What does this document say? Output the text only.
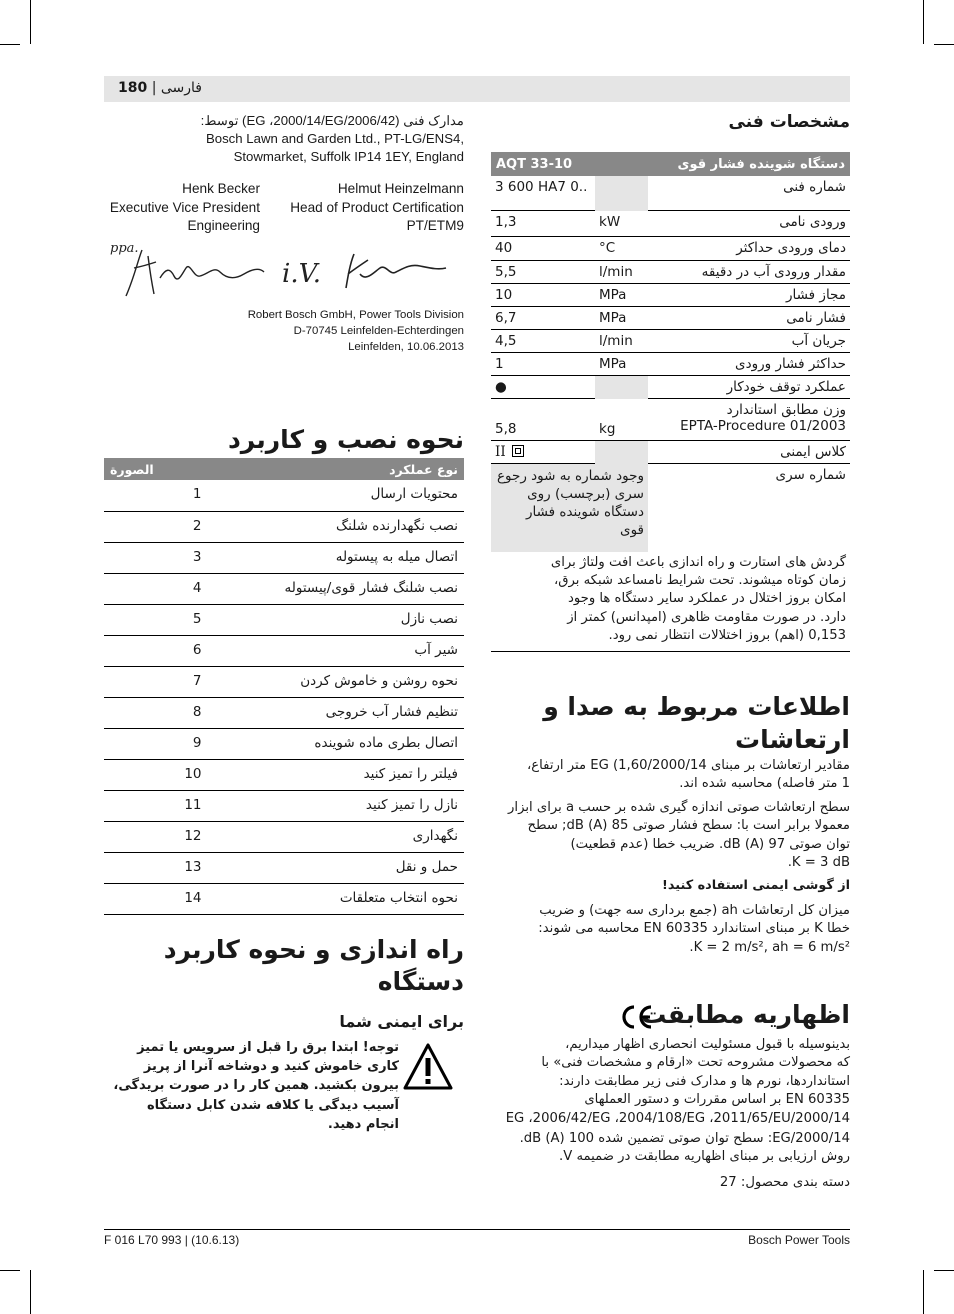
180 | فارسی
مدارک فنی (2006/42/EG ،2000/14/EG) توسط:
Bosch Lawn and Garden Ltd., PT-LG/ENS4,
Stowmarket, Suffolk IP14 1EY, England
Henk Becker
Executive Vice President
Engineering
Helmut Heinzelmann
Head of Product Certification
PT/ETM9
ppa.
i.V.
Robert Bosch GmbH, Power Tools Division
D-70745 Leinfelden-Echterdingen
Leinfelden, 10.06.2013
نحوه نصب و کاربرد
نوع عملکرد	الصورة
محتویات ارسال	1
نصب نگهدارنده شلنگ	2
اتصال میله به پیستوله	3
نصب شلنگ فشار قوی/پیستوله	4
نصب نازل	5
شیر آب	6
نحوه روشن و خاموش کردن	7
تنظیم فشار آب خروجی	8
اتصال بطری ماده شوینده	9
فیلتر را تمیز کنید	10
نازل را تمیز کنید	11
نگهداری	12
حمل و نقل	13
نحوه انتخاب متعلقات	14
راه اندازی و نحوه کاربرد
دستگاه
برای ایمنی شما
توجه! ابتدا برق را قبل از سرویس یا تمیز
کاری خاموش کنید و دوشاخه آنرا از پریز
بیرون بکشید. همین کار را در صورت بریدگی،
آسیب دیدگی یا کلافه شدن کابل دستگاه
انجام دهید.
مشخصات فنی
AQT 33-10		دستگاه شوینده فشار قوی
3 600 HA7 0..		شماره فنی
1,3	kW	ورودی نامی
40	°C	دمای ورودی حداکثر
5,5	l/min	مقدار ورودی آب در دقیقه
10	MPa	مجاز فشار
6,7	MPa	فشار نامی
4,5	l/min	جریان آب
1	MPa	حداکثر فشار ورودی
●		عملکرد توقف خودکار
5,8	kg	وزن مطابق استاندارد
EPTA-Procedure 01/2003

II		کلاس ایمنی

وجود شماره به شود رجوع
سری (برچسب) روی
دستگاه شوینده فشار
قوی		شماره سری
گردش های استارت و راه اندازی باعث افت ولتاژ برای
زمان کوتاه میشوند. تحت شرایط نامساعد شبکه برق،
امکان بروز اختلال در عملکرد سایر دستگاه ها وجود
دارد. در صورت مقاومت ظاهری (امپدانس) کمتر از
0,153 (اهم) بروز اختلالات انتظار نمی رود.
اطلاعات مربوط به صدا و
ارتعاشات
مقادیر ارتعاشات بر مبنای 2000/14/EG (1,60 متر ارتفاع،
1 متر فاصله) محاسبه شده اند.
سطح ارتعاشات صوتی اندازه گیری شده بر حسب a برای ابزار
معمولا برابر است با: سطح فشار صوتی 85 dB (A); سطح
توان صوتی 97 dB (A). ضریب خطا (عدم قطعیت)
K = 3 dB.
از گوشی ایمنی استفاده کنید!
میزان کل ارتعاشات ah (جمع برداری سه جهت) و ضریب
خطا K بر مبنای استاندارد EN 60335 محاسبه می شوند:
K = 2 m/s², ah = 6 m/s².
اظهاریه مطابقت
CE
بدینوسیله با قبول مسئولیت انحصاری اظهار میداریم،
که محصولات مشروحه تحت «ارقام و مشخصات فنی» با
استانداردها، نورم ها و مدارک فنی زیر مطابقت دارند:
EN 60335 بر اساس مقررات و دستور العملهای
2000/14/EG ،2006/42/EG ،2004/108/EG ،2011/65/EU
2000/14/EG: سطح توان صوتی تضمین شده 100 dB (A).
روش ارزیابی بر مبنای اظهاریه مطابقت در ضمیمه V.
دسته بندی محصول: 27
F 016 L70 993 | (10.6.13)	Bosch Power Tools
